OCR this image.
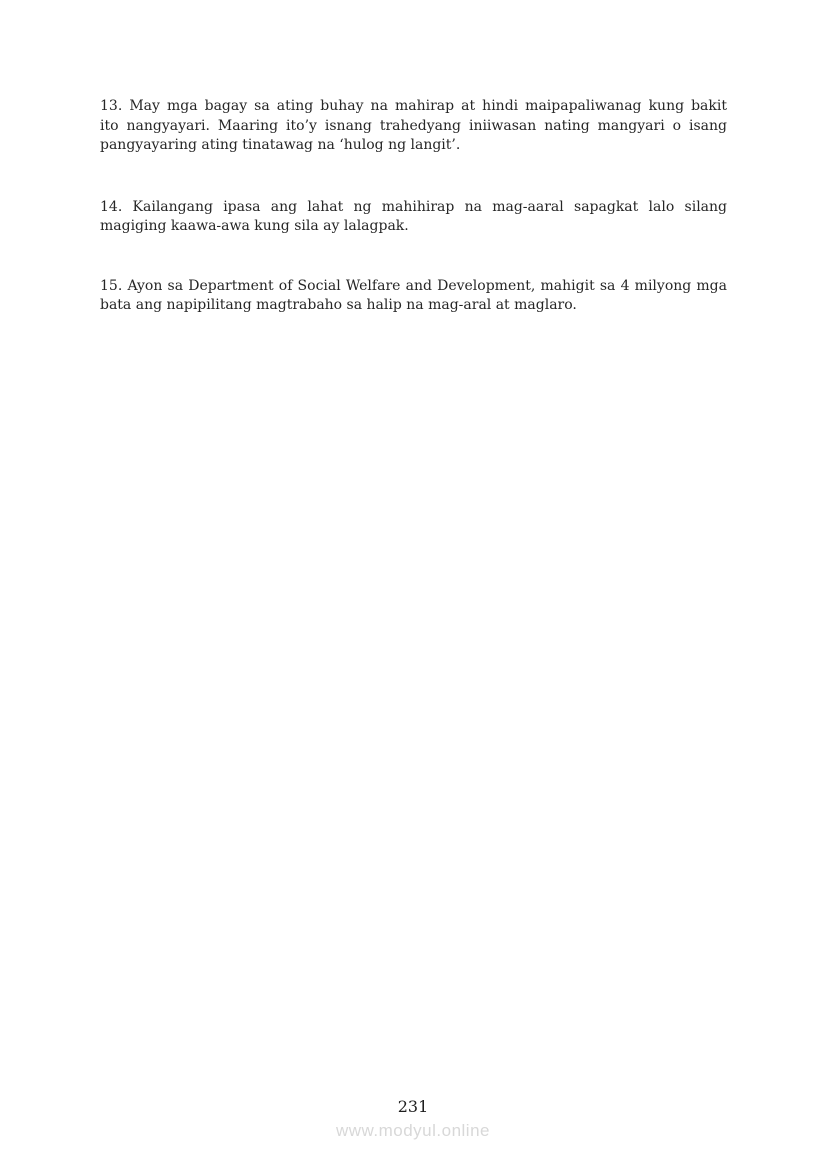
13. May mga bagay sa ating buhay na mahirap at hindi maipapaliwanag kung bakit
ito nangyayari. Maaring ito’y isnang trahedyang iniiwasan nating mangyari o isang
pangyayaring ating tinatawag na ‘hulog ng langit’.
14. Kailangang ipasa ang lahat ng mahihirap na mag-aaral sapagkat lalo silang
magiging kaawa-awa kung sila ay lalagpak.
15. Ayon sa Department of Social Welfare and Development, mahigit sa 4 milyong mga
bata ang napipilitang magtrabaho sa halip na mag-aral at maglaro.
231
www.modyul.online
